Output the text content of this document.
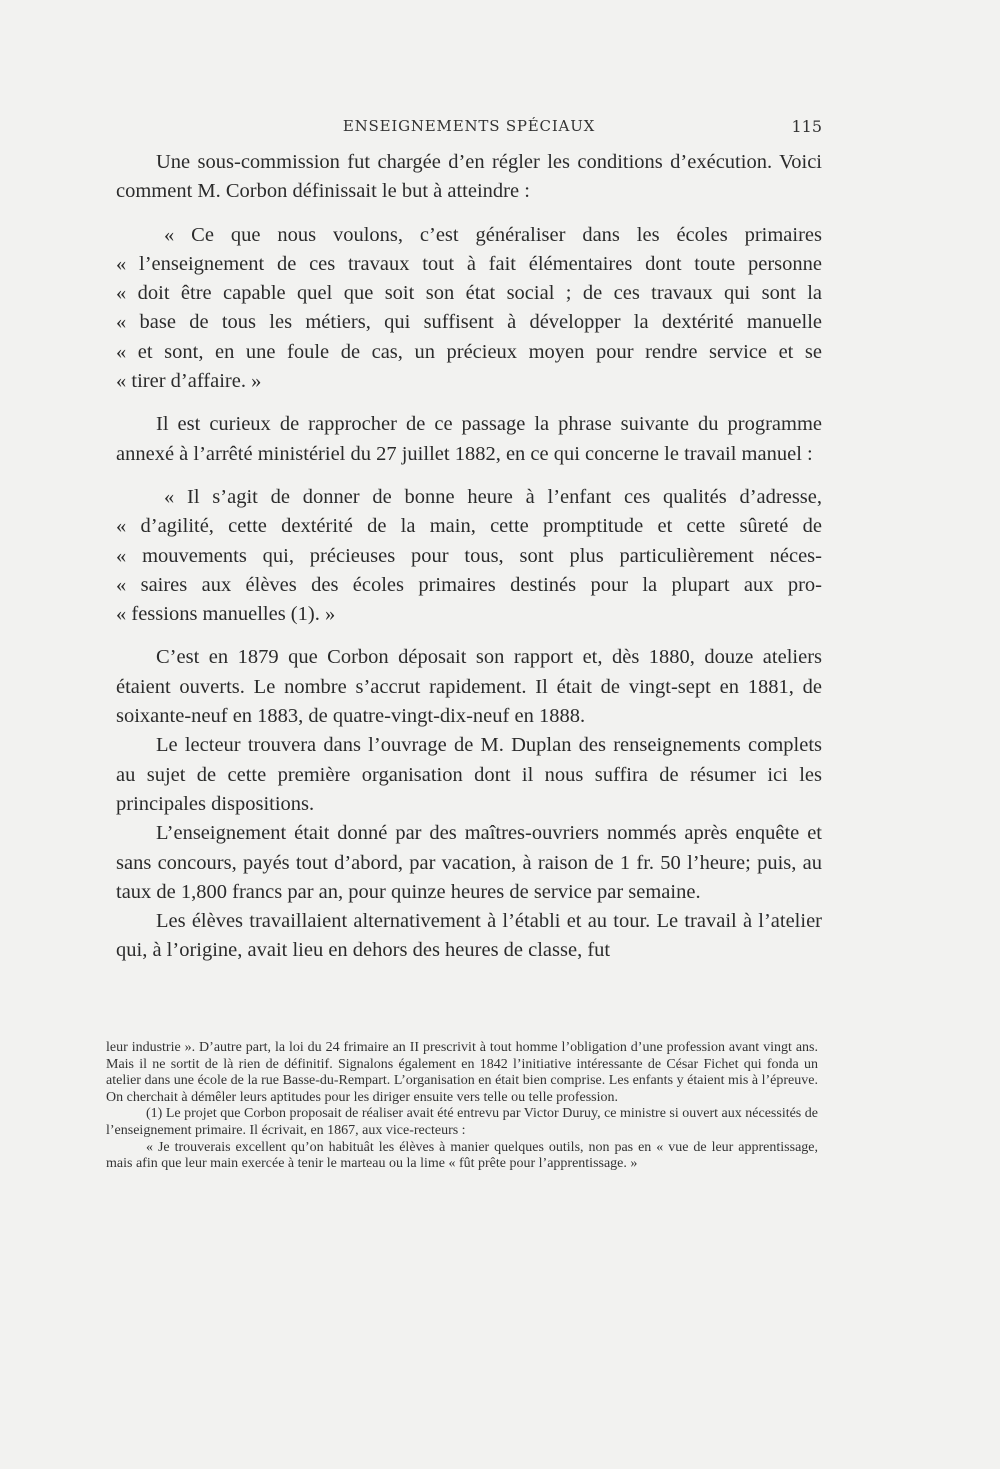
ENSEIGNEMENTS SPÉCIAUX	115

Une sous-commission fut chargée d’en régler les conditions d’exécution. Voici comment M. Corbon définissait le but à atteindre :

« Ce que nous voulons, c’est généraliser dans les écoles primaires
« l’enseignement de ces travaux tout à fait élémentaires dont toute personne
« doit être capable quel que soit son état social ; de ces travaux qui sont la
« base de tous les métiers, qui suffisent à développer la dextérité manuelle
« et sont, en une foule de cas, un précieux moyen pour rendre service et se
« tirer d’affaire. »

Il est curieux de rapprocher de ce passage la phrase suivante du programme annexé à l’arrêté ministériel du 27 juillet 1882, en ce qui concerne le travail manuel :

« Il s’agit de donner de bonne heure à l’enfant ces qualités d’adresse,
« d’agilité, cette dextérité de la main, cette promptitude et cette sûreté de
« mouvements qui, précieuses pour tous, sont plus particulièrement néces-
« saires aux élèves des écoles primaires destinés pour la plupart aux pro-
« fessions manuelles (1). »

C’est en 1879 que Corbon déposait son rapport et, dès 1880, douze ateliers étaient ouverts. Le nombre s’accrut rapidement. Il était de vingt-sept en 1881, de soixante-neuf en 1883, de quatre-vingt-dix-neuf en 1888.

Le lecteur trouvera dans l’ouvrage de M. Duplan des renseignements complets au sujet de cette première organisation dont il nous suffira de résumer ici les principales dispositions.

L’enseignement était donné par des maîtres-ouvriers nommés après enquête et sans concours, payés tout d’abord, par vacation, à raison de 1 fr. 50 l’heure; puis, au taux de 1,800 francs par an, pour quinze heures de service par semaine.

Les élèves travaillaient alternativement à l’établi et au tour. Le travail à l’atelier qui, à l’origine, avait lieu en dehors des heures de classe, fut

leur industrie ». D’autre part, la loi du 24 frimaire an II prescrivit à tout homme l’obligation d’une profession avant vingt ans. Mais il ne sortit de là rien de définitif. Signalons également en 1842 l’initiative intéressante de César Fichet qui fonda un atelier dans une école de la rue Basse-du-Rempart. L’organisation en était bien comprise. Les enfants y étaient mis à l’épreuve. On cherchait à démêler leurs aptitudes pour les diriger ensuite vers telle ou telle profession.

(1) Le projet que Corbon proposait de réaliser avait été entrevu par Victor Duruy, ce ministre si ouvert aux nécessités de l’enseignement primaire. Il écrivait, en 1867, aux vice-recteurs :

« Je trouverais excellent qu’on habituât les élèves à manier quelques outils, non pas en « vue de leur apprentissage, mais afin que leur main exercée à tenir le marteau ou la lime « fût prête pour l’apprentissage. »
